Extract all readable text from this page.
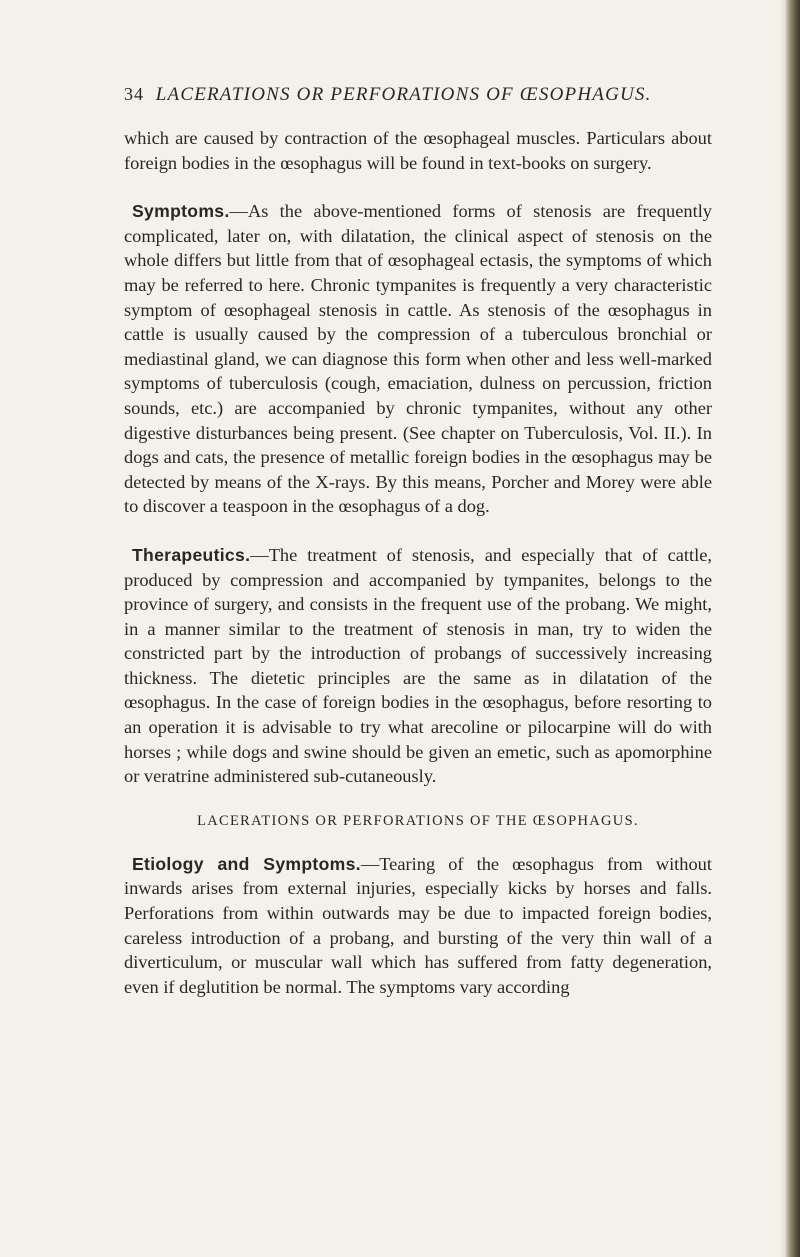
34 LACERATIONS OR PERFORATIONS OF ŒSOPHAGUS.

which are caused by contraction of the œsophageal muscles. Particulars about foreign bodies in the œsophagus will be found in text-books on surgery.

Symptoms.—As the above-mentioned forms of stenosis are frequently complicated, later on, with dilatation, the clinical aspect of stenosis on the whole differs but little from that of œsophageal ectasis, the symptoms of which may be referred to here. Chronic tympanites is frequently a very characteristic symptom of œsophageal stenosis in cattle. As stenosis of the œsophagus in cattle is usually caused by the compression of a tuberculous bronchial or mediastinal gland, we can diagnose this form when other and less well-marked symptoms of tuberculosis (cough, emaciation, dulness on percussion, friction sounds, etc.) are accompanied by chronic tympanites, without any other digestive disturbances being present. (See chapter on Tuberculosis, Vol. II.). In dogs and cats, the presence of metallic foreign bodies in the œsophagus may be detected by means of the X-rays. By this means, Porcher and Morey were able to discover a teaspoon in the œsophagus of a dog.

Therapeutics.—The treatment of stenosis, and especially that of cattle, produced by compression and accompanied by tympanites, belongs to the province of surgery, and consists in the frequent use of the probang. We might, in a manner similar to the treatment of stenosis in man, try to widen the constricted part by the introduction of probangs of successively increasing thickness. The dietetic principles are the same as in dilatation of the œsophagus. In the case of foreign bodies in the œsophagus, before resorting to an operation it is advisable to try what arecoline or pilocarpine will do with horses ; while dogs and swine should be given an emetic, such as apomorphine or veratrine administered sub-cutaneously.

LACERATIONS OR PERFORATIONS OF THE ŒSOPHAGUS.

Etiology and Symptoms.—Tearing of the œsophagus from without inwards arises from external injuries, especially kicks by horses and falls. Perforations from within outwards may be due to impacted foreign bodies, careless introduction of a probang, and bursting of the very thin wall of a diverticulum, or muscular wall which has suffered from fatty degeneration, even if deglutition be normal. The symptoms vary according
